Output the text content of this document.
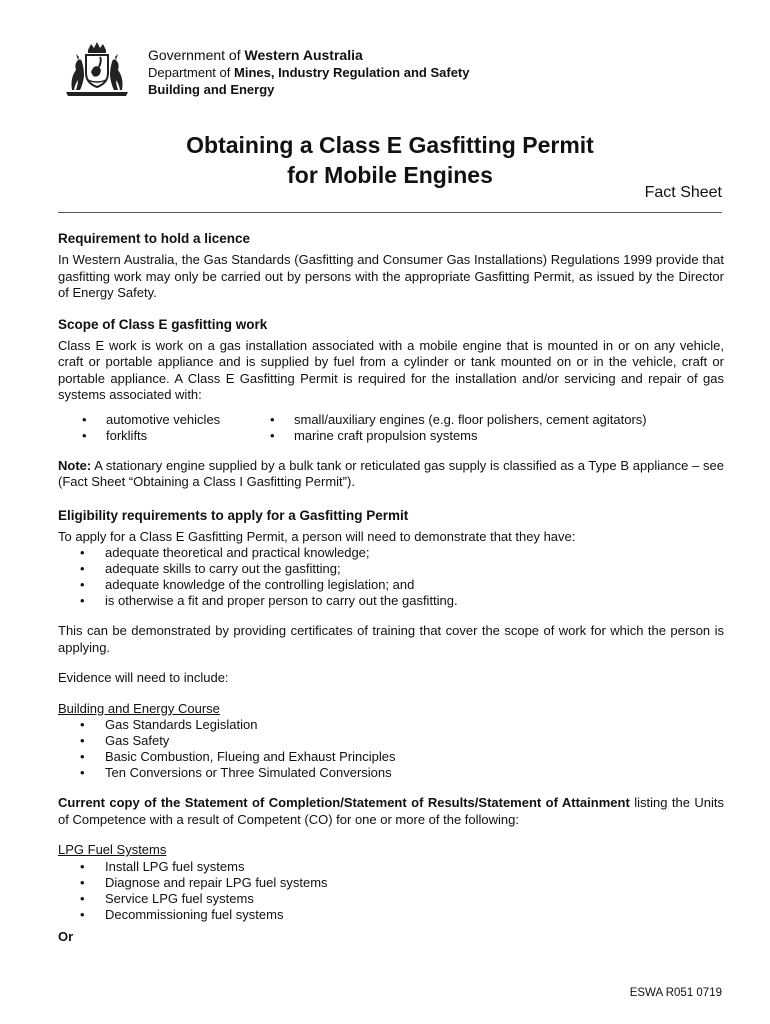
Government of Western Australia
Department of Mines, Industry Regulation and Safety
Building and Energy
Obtaining a Class E Gasfitting Permit
for Mobile Engines
Fact Sheet
Requirement to hold a licence

In Western Australia, the Gas Standards (Gasfitting and Consumer Gas Installations) Regulations 1999 provide that gasfitting work may only be carried out by persons with the appropriate Gasfitting Permit, as issued by the Director of Energy Safety.

Scope of Class E gasfitting work

Class E work is work on a gas installation associated with a mobile engine that is mounted in or on any vehicle, craft or portable appliance and is supplied by fuel from a cylinder or tank mounted on or in the vehicle, craft or portable appliance. A Class E Gasfitting Permit is required for the installation and/or servicing and repair of gas systems associated with:

• automotive vehicles
• forklifts
• small/auxiliary engines (e.g. floor polishers, cement agitators)
• marine craft propulsion systems

Note: A stationary engine supplied by a bulk tank or reticulated gas supply is classified as a Type B appliance – see (Fact Sheet “Obtaining a Class I Gasfitting Permit”).

Eligibility requirements to apply for a Gasfitting Permit

To apply for a Class E Gasfitting Permit, a person will need to demonstrate that they have:

• adequate theoretical and practical knowledge;
• adequate skills to carry out the gasfitting;
• adequate knowledge of the controlling legislation; and
• is otherwise a fit and proper person to carry out the gasfitting.

This can be demonstrated by providing certificates of training that cover the scope of work for which the person is applying.

Evidence will need to include:

Building and Energy Course

• Gas Standards Legislation
• Gas Safety
• Basic Combustion, Flueing and Exhaust Principles
• Ten Conversions or Three Simulated Conversions

Current copy of the Statement of Completion/Statement of Results/Statement of Attainment listing the Units of Competence with a result of Competent (CO) for one or more of the following:

LPG Fuel Systems

• Install LPG fuel systems
• Diagnose and repair LPG fuel systems
• Service LPG fuel systems
• Decommissioning fuel systems

Or

ESWA R051 0719
